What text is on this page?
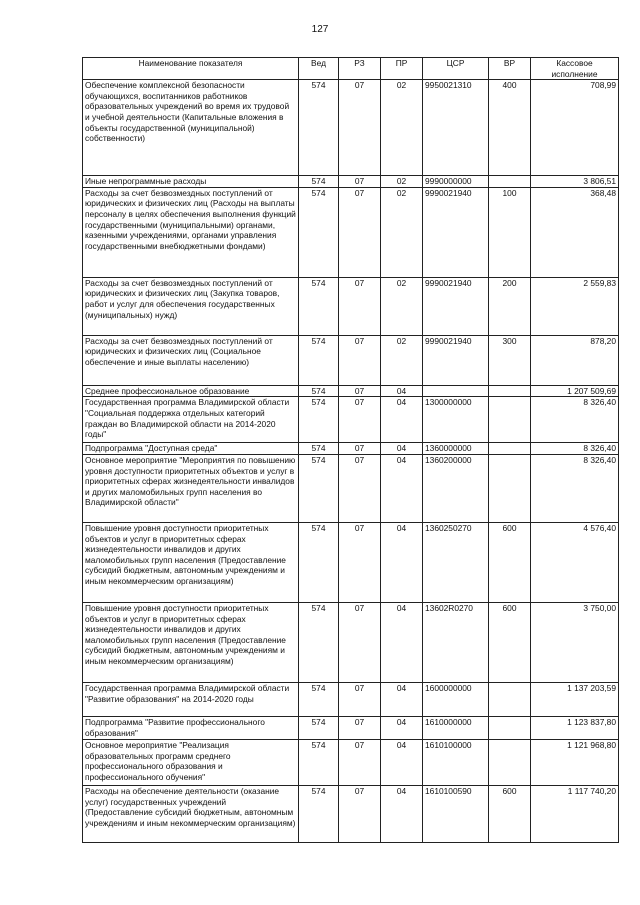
127
Наименование показателя	Вед	РЗ	ПР	ЦСР	ВР	Кассовое исполнение
Обеспечение комплексной безопасности обучающихся, воспитанников работников образовательных учреждений во время их трудовой и учебной деятельности (Капитальные вложения в объекты государственной (муниципальной) собственности)	574	07	02	9950021310	400	708,99
Иные непрограммные расходы	574	07	02	9990000000		3 806,51
Расходы за счет безвозмездных поступлений от юридических и физических лиц (Расходы на выплаты персоналу в целях обеспечения выполнения функций государственными (муниципальными) органами, казенными учреждениями, органами управления государственными внебюджетными фондами)	574	07	02	9990021940	100	368,48
Расходы за счет безвозмездных поступлений от юридических и физических лиц (Закупка товаров, работ и услуг для обеспечения государственных (муниципальных) нужд)	574	07	02	9990021940	200	2 559,83
Расходы за счет безвозмездных поступлений от юридических и физических лиц (Социальное обеспечение и иные выплаты населению)	574	07	02	9990021940	300	878,20
Среднее профессиональное образование	574	07	04			1 207 509,69
Государственная программа Владимирской области "Социальная поддержка отдельных категорий граждан во Владимирской области на 2014-2020 годы"	574	07	04	1300000000		8 326,40
Подпрограмма "Доступная среда"	574	07	04	1360000000		8 326,40
Основное мероприятие "Мероприятия по повышению уровня доступности приоритетных объектов и услуг в приоритетных сферах жизнедеятельности инвалидов и других маломобильных групп населения во Владимирской области"	574	07	04	1360200000		8 326,40
Повышение уровня доступности приоритетных объектов и услуг в приоритетных сферах жизнедеятельности инвалидов и других маломобильных групп населения (Предоставление субсидий бюджетным, автономным учреждениям и иным некоммерческим организациям)	574	07	04	1360250270	600	4 576,40
Повышение уровня доступности приоритетных объектов и услуг в приоритетных сферах жизнедеятельности инвалидов и других маломобильных групп населения (Предоставление субсидий бюджетным, автономным учреждениям и иным некоммерческим организациям)	574	07	04	13602R0270	600	3 750,00
Государственная программа Владимирской области "Развитие образования" на 2014-2020 годы	574	07	04	1600000000		1 137 203,59
Подпрограмма "Развитие профессионального образования"	574	07	04	1610000000		1 123 837,80
Основное мероприятие "Реализация образовательных программ среднего профессионального образования и профессионального обучения"	574	07	04	1610100000		1 121 968,80
Расходы на обеспечение деятельности (оказание услуг) государственных учреждений (Предоставление субсидий бюджетным, автономным учреждениям и иным некоммерческим организациям)	574	07	04	1610100590	600	1 117 740,20
